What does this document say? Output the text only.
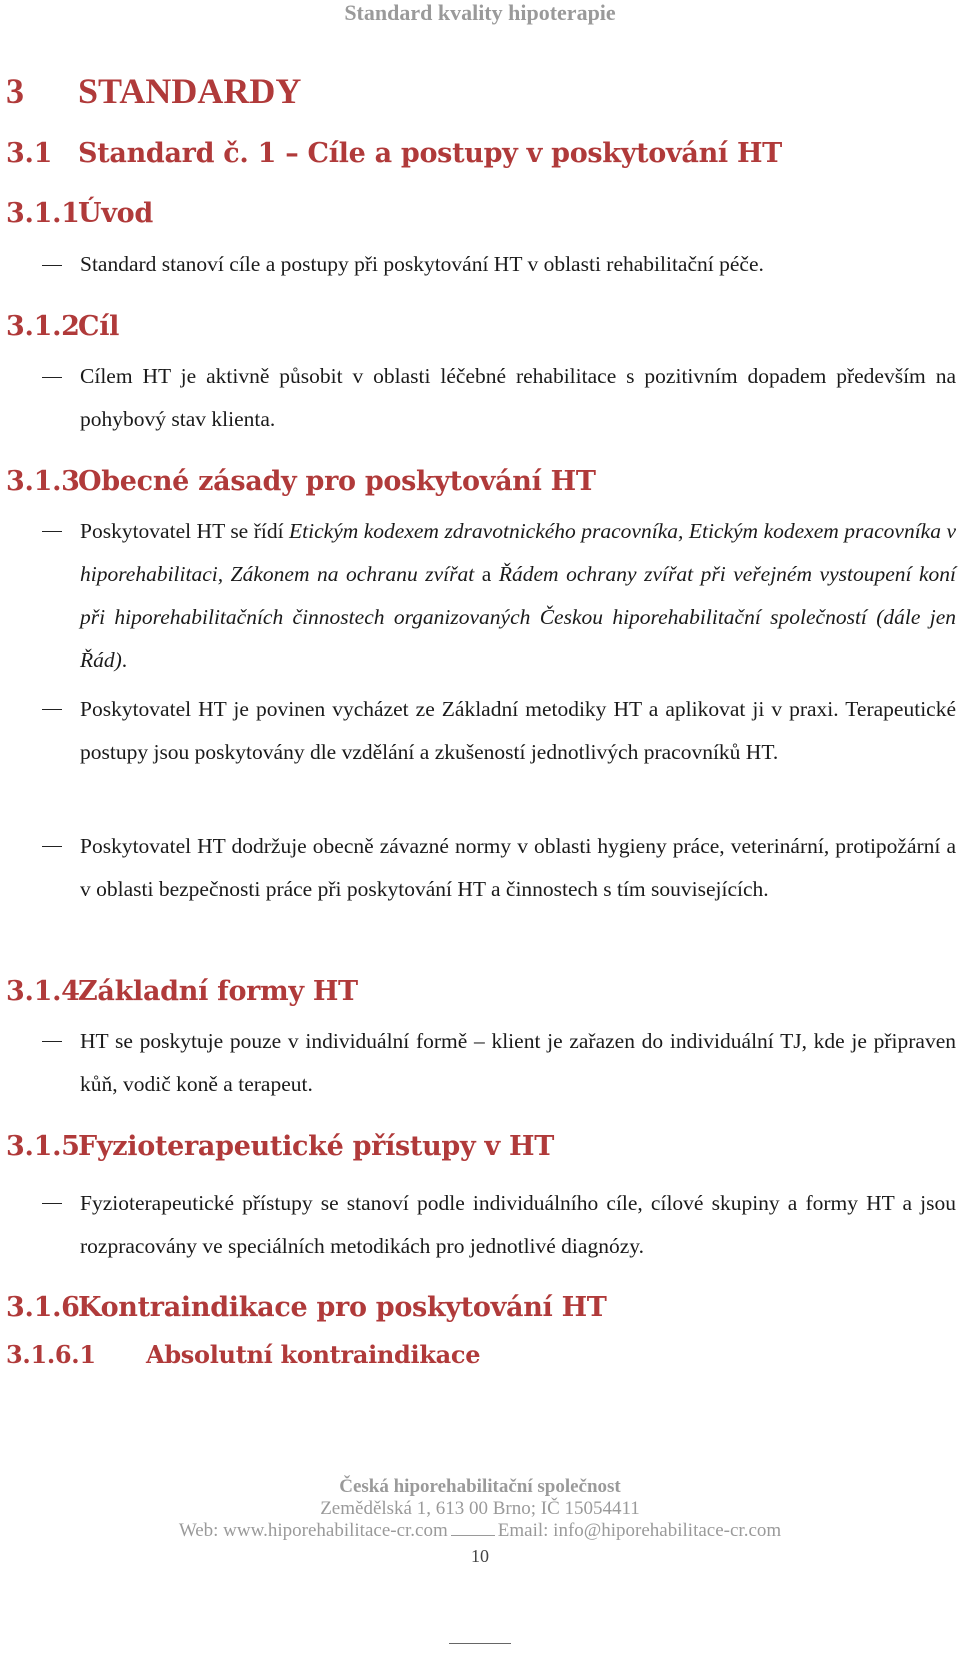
Standard kvality hipoterapie
3 STANDARDY
3.1 Standard č. 1 – Cíle a postupy v poskytování HT
3.1.1Úvod
Standard stanoví cíle a postupy při poskytování HT v oblasti rehabilitační péče.
3.1.2Cíl
Cílem HT je aktivně působit v oblasti léčebné rehabilitace s pozitivním dopadem především na pohybový stav klienta.
3.1.3Obecné zásady pro poskytování HT
Poskytovatel HT se řídí Etickým kodexem zdravotnického pracovníka, Etickým kodexem pracovníka v hiporehabilitaci, Zákonem na ochranu zvířat a Řádem ochrany zvířat při veřejném vystoupení koní při hiporehabilitačních činnostech organizovaných Českou hiporehabilitační společností (dále jen Řád).
Poskytovatel HT je povinen vycházet ze Základní metodiky HT a aplikovat ji v praxi. Terapeutické postupy jsou poskytovány dle vzdělání a zkušeností jednotlivých pracovníků HT.
Poskytovatel HT dodržuje obecně závazné normy v oblasti hygieny práce, veterinární, protipožární a v oblasti bezpečnosti práce při poskytování HT a činnostech s tím souvisejících.
3.1.4Základní formy HT
HT se poskytuje pouze v individuální formě – klient je zařazen do individuální TJ, kde je připraven kůň, vodič koně a terapeut.
3.1.5Fyzioterapeutické přístupy v HT
Fyzioterapeutické přístupy se stanoví podle individuálního cíle, cílové skupiny a formy HT a jsou rozpracovány ve speciálních metodikách pro jednotlivé diagnózy.
3.1.6Kontraindikace pro poskytování HT
3.1.6.1 Absolutní kontraindikace
Česká hiporehabilitační společnost
Zemědělská 1, 613 00 Brno; IČ 15054411
Web: www.hiporehabilitace-cr.com	Email: info@hiporehabilitace-cr.com
10
